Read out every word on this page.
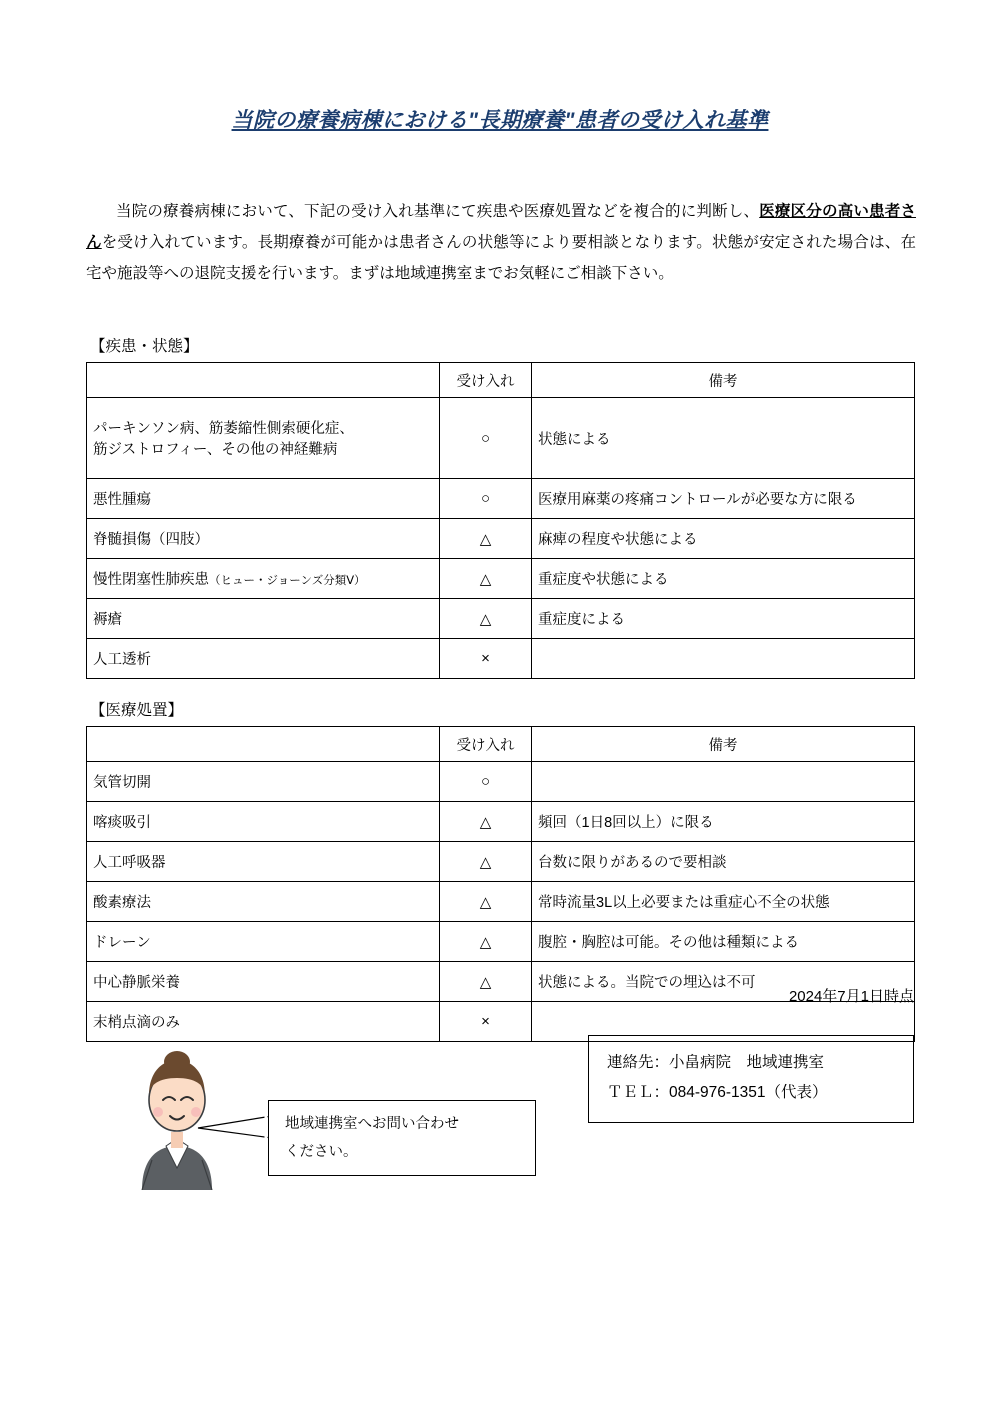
当院の療養病棟における"長期療養"患者の受け入れ基準

当院の療養病棟において、下記の受け入れ基準にて疾患や医療処置などを複合的に判断し、医療区分の高い患者さんを受け入れています。長期療養が可能かは患者さんの状態等により要相談となります。状態が安定された場合は、在宅や施設等への退院支援を行います。まずは地域連携室までお気軽にご相談下さい。

【疾患・状態】
	受け入れ	備考
パーキンソン病、筋萎縮性側索硬化症、
筋ジストロフィー、その他の神経難病	○	状態による
悪性腫瘍	○	医療用麻薬の疼痛コントロールが必要な方に限る
脊髄損傷（四肢）	△	麻痺の程度や状態による
慢性閉塞性肺疾患（ヒュー・ジョーンズ分類Ⅴ）	△	重症度や状態による
褥瘡	△	重症度による
人工透析	×	
【医療処置】
	受け入れ	備考
気管切開	○	
喀痰吸引	△	頻回（1日8回以上）に限る
人工呼吸器	△	台数に限りがあるので要相談
酸素療法	△	常時流量3L以上必要または重症心不全の状態
ドレーン	△	腹腔・胸腔は可能。その他は種類による
中心静脈栄養	△	状態による。当院での埋込は不可
末梢点滴のみ	×	
2024年7月1日時点
連絡先：小畠病院　地域連携室
ＴＥＬ：084-976-1351（代表）
地域連携室へお問い合わせ
ください。
